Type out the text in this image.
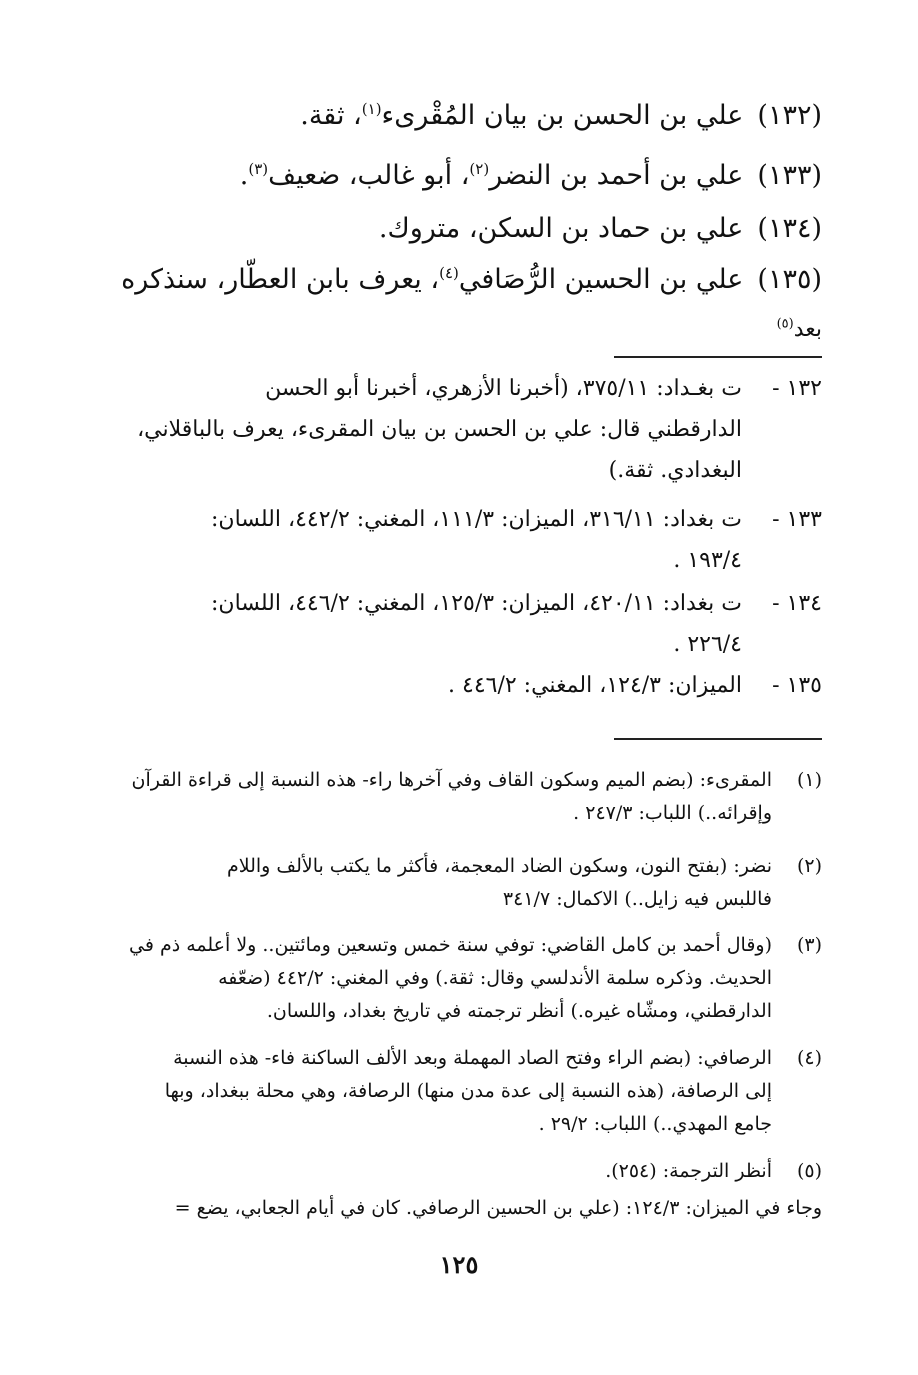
(١٣٢)علي بن الحسن بن بيان المُقْرىء$^{(١)}$، ثقة.
(١٣٣)علي بن أحمد بن النضر$^{(٢)}$، أبو غالب، ضعيف$^{(٣)}$.
(١٣٤)علي بن حماد بن السكن، متروك.
(١٣٥)علي بن الحسين الرُّصَافي$^{(٤)}$، يعرف بابن العطّار، سنذكره
بعد$^{(٥)}$
١٣٢ -
ت بغـداد: ٣٧٥/١١، (أخبرنا الأزهري، أخبرنا أبو الحسن
الدارقطني قال: علي بن الحسن بن بيان المقرىء، يعرف بالباقلاني،
البغدادي. ثقة.)
١٣٣ -
ت بغداد: ٣١٦/١١، الميزان: ١١١/٣، المغني: ٤٤٢/٢، اللسان:
١٩٣/٤ .
١٣٤ -
ت بغداد: ٤٢٠/١١، الميزان: ١٢٥/٣، المغني: ٤٤٦/٢، اللسان:
٢٢٦/٤ .
١٣٥ -
الميزان: ١٢٤/٣، المغني: ٤٤٦/٢ .
(١)
المقرىء: (بضم الميم وسكون القاف وفي آخرها راء- هذه النسبة إلى قراءة القرآن
وإقرائه..) اللباب: ٢٤٧/٣ .
(٢)
نضر: (بفتح النون، وسكون الضاد المعجمة، فأكثر ما يكتب بالألف واللام
فاللبس فيه زايل..) الاكمال: ٣٤١/٧
(٣)
(وقال أحمد بن كامل القاضي: توفي سنة خمس وتسعين ومائتين.. ولا أعلمه ذم في
الحديث. وذكره سلمة الأندلسي وقال: ثقة.) وفي المغني: ٤٤٢/٢ (ضعّفه
الدارقطني، ومشّاه غيره.) أنظر ترجمته في تاريخ بغداد، واللسان.
(٤)
الرصافي: (بضم الراء وفتح الصاد المهملة وبعد الألف الساكنة فاء- هذه النسبة
إلى الرصافة، (هذه النسبة إلى عدة مدن منها) الرصافة، وهي محلة ببغداد، وبها
جامع المهدي..) اللباب: ٢٩/٢ .
(٥)
أنظر الترجمة: (٢٥٤).
وجاء في الميزان: ١٢٤/٣: (علي بن الحسين الرصافي. كان في أيام الجعابي، يضع =
١٢٥
